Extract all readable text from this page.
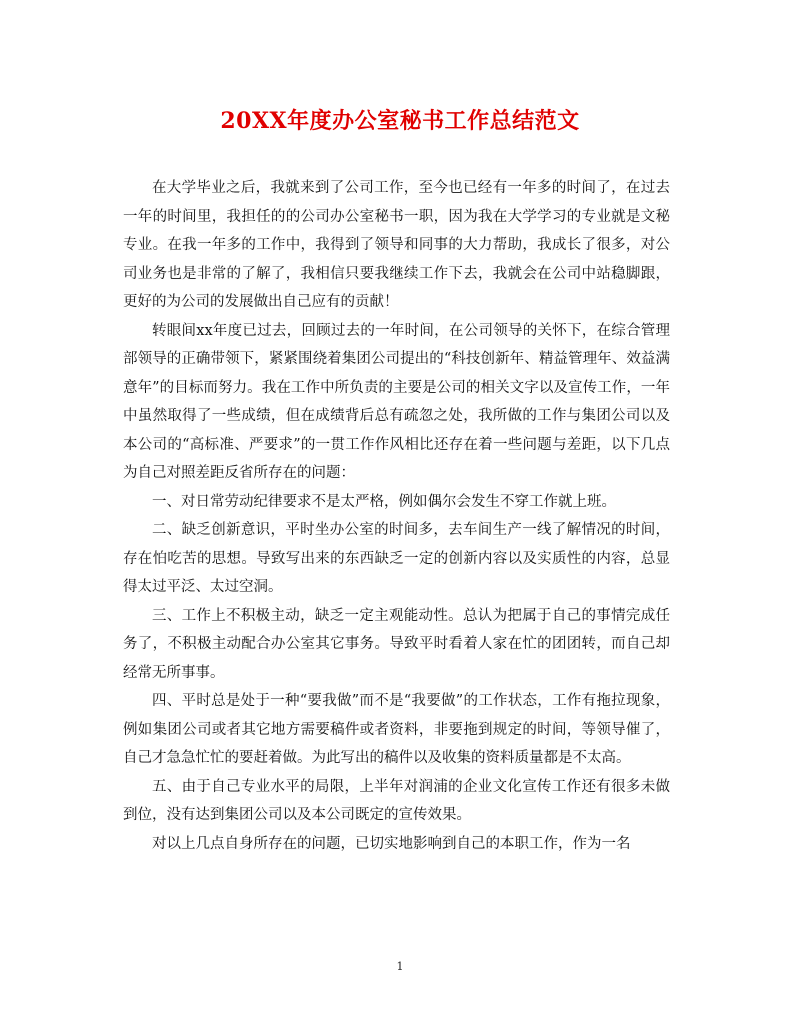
20XX年度办公室秘书工作总结范文

在大学毕业之后，我就来到了公司工作，至今也已经有一年多的时间了，在过去一年的时间里，我担任的的公司办公室秘书一职，因为我在大学学习的专业就是文秘专业。在我一年多的工作中，我得到了领导和同事的大力帮助，我成长了很多，对公司业务也是非常的了解了，我相信只要我继续工作下去，我就会在公司中站稳脚跟，更好的为公司的发展做出自己应有的贡献！

转眼间xx年度已过去，回顾过去的一年时间，在公司领导的关怀下，在综合管理部领导的正确带领下，紧紧围绕着集团公司提出的“科技创新年、精益管理年、效益满意年”的目标而努力。我在工作中所负责的主要是公司的相关文字以及宣传工作，一年中虽然取得了一些成绩，但在成绩背后总有疏忽之处，我所做的工作与集团公司以及本公司的“高标准、严要求”的一贯工作作风相比还存在着一些问题与差距，以下几点为自己对照差距反省所存在的问题：

一、对日常劳动纪律要求不是太严格，例如偶尔会发生不穿工作就上班。

二、缺乏创新意识，平时坐办公室的时间多，去车间生产一线了解情况的时间，存在怕吃苦的思想。导致写出来的东西缺乏一定的创新内容以及实质性的内容，总显得太过平泛、太过空洞。

三、工作上不积极主动，缺乏一定主观能动性。总认为把属于自己的事情完成任务了，不积极主动配合办公室其它事务。导致平时看着人家在忙的团团转，而自己却经常无所事事。

四、平时总是处于一种“要我做”而不是“我要做”的工作状态，工作有拖拉现象，例如集团公司或者其它地方需要稿件或者资料，非要拖到规定的时间，等领导催了，自己才急急忙忙的要赶着做。为此写出的稿件以及收集的资料质量都是不太高。

五、由于自己专业水平的局限，上半年对润浦的企业文化宣传工作还有很多未做到位，没有达到集团公司以及本公司既定的宣传效果。

对以上几点自身所存在的问题，已切实地影响到自己的本职工作，作为一名

1
